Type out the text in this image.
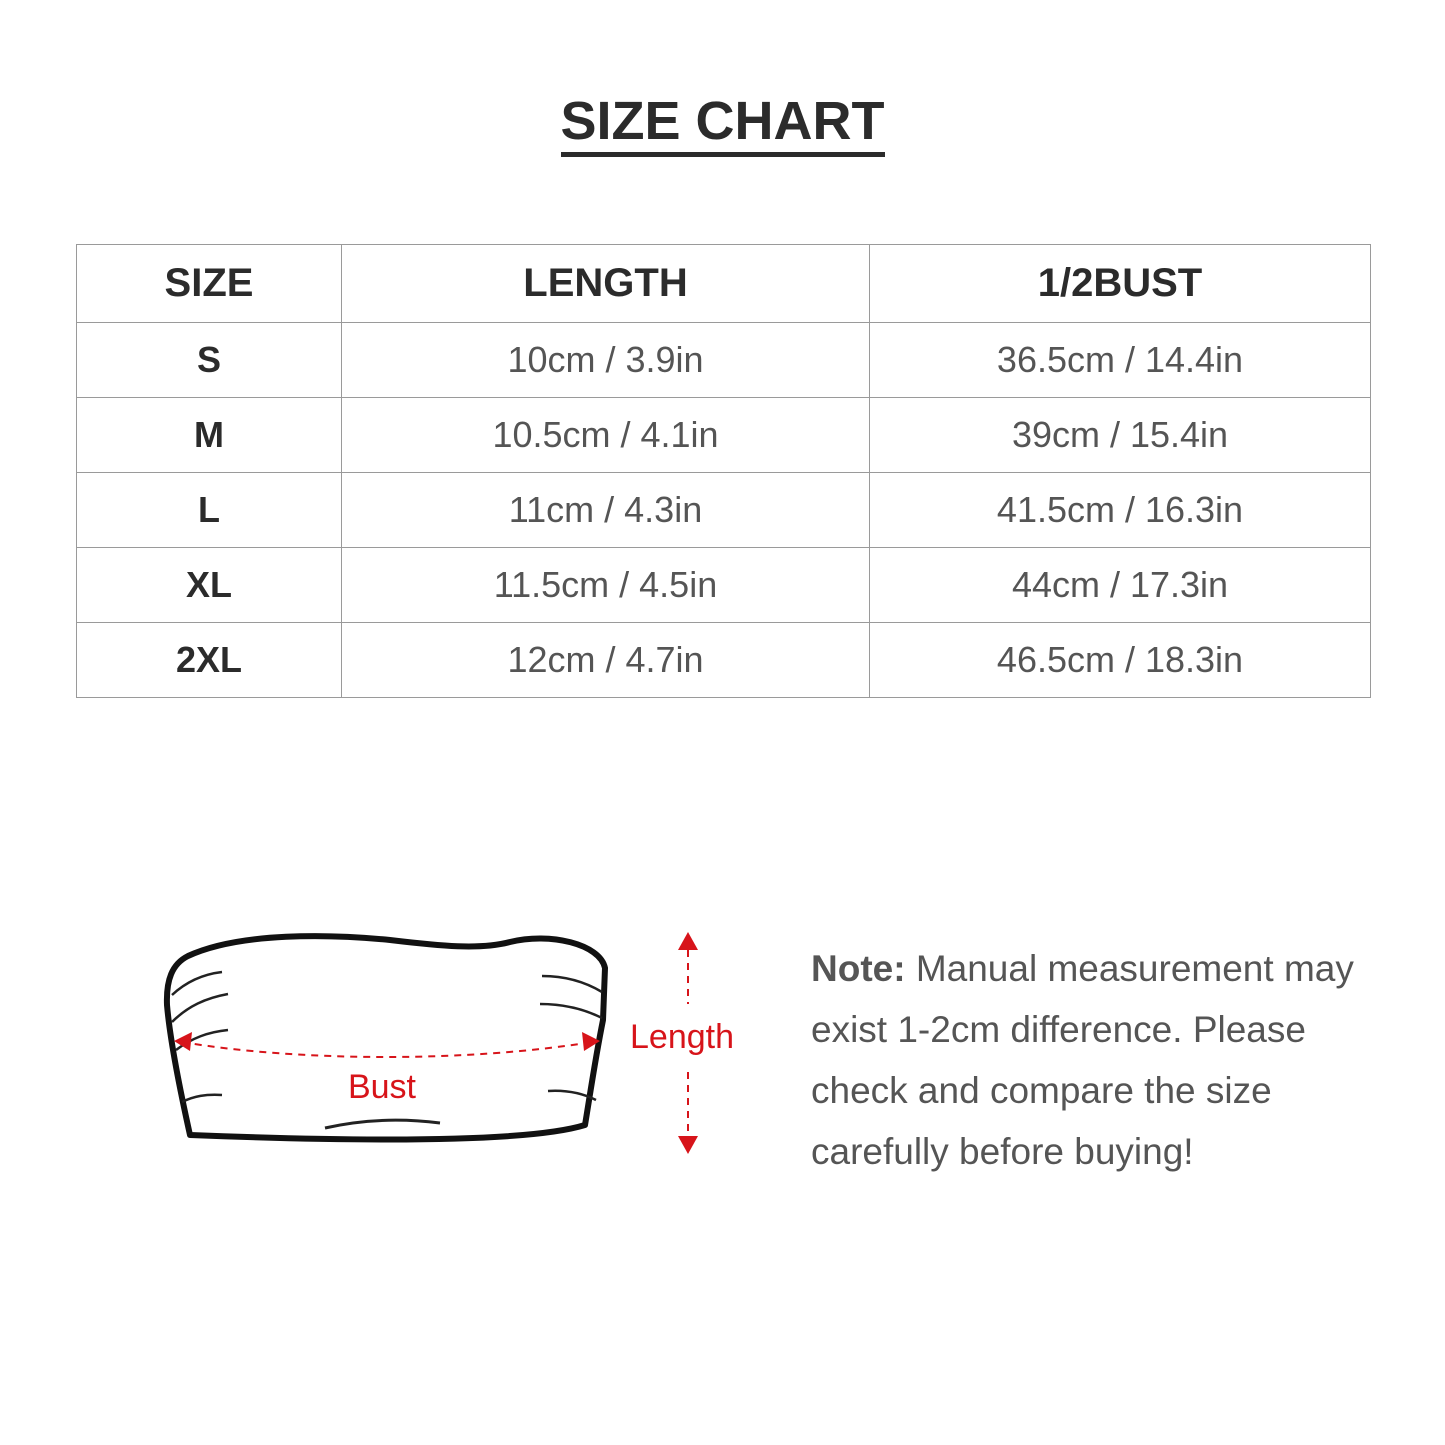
SIZE CHART
SIZE	LENGTH	1/2BUST
S	10cm / 3.9in	36.5cm / 14.4in
M	10.5cm / 4.1in	39cm / 15.4in
L	11cm / 4.3in	41.5cm / 16.3in
XL	11.5cm / 4.5in	44cm / 17.3in
2XL	12cm / 4.7in	46.5cm / 18.3in
Bust
Length

Note: Manual measurement may exist 1-2cm difference. Please check and compare the size carefully before buying!
